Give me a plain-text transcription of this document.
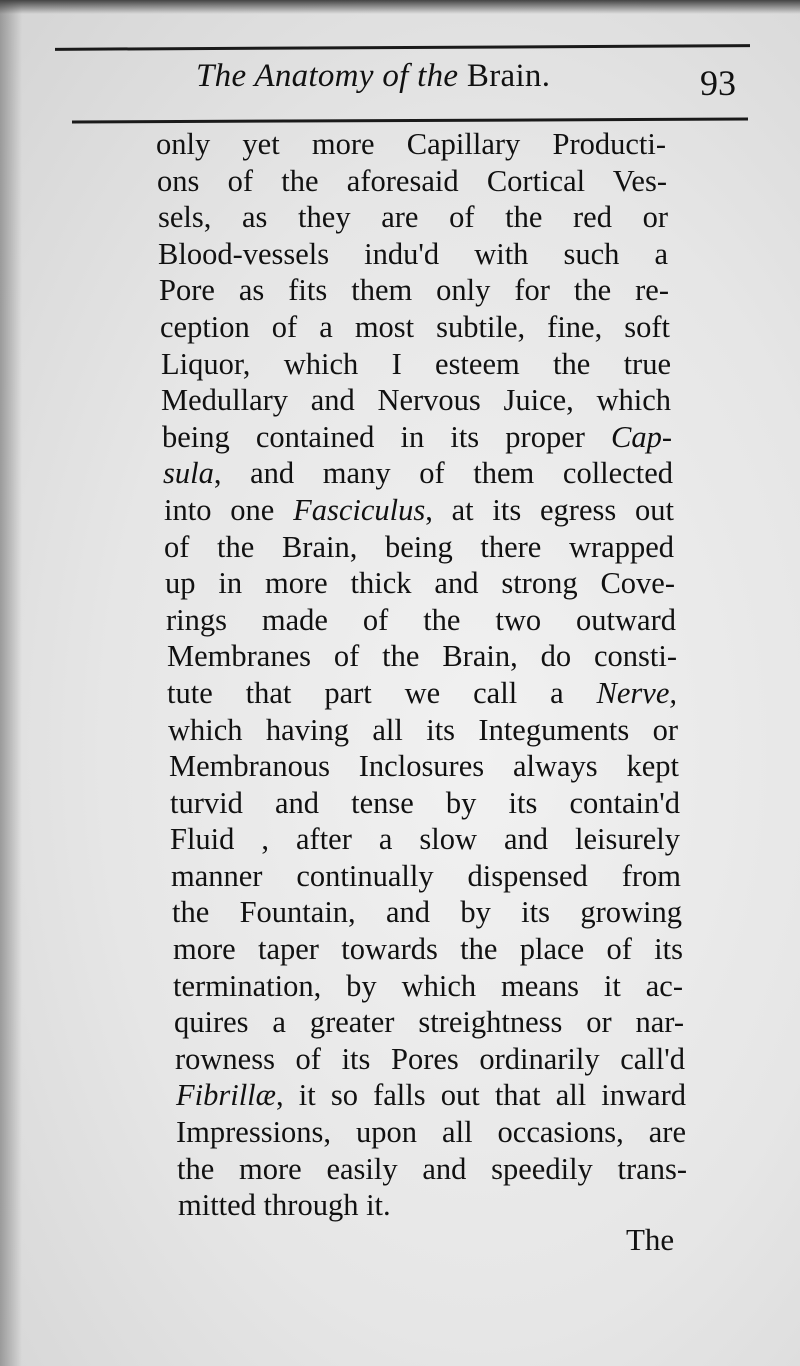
The Anatomy of the Brain.	93
only yet more Capillary Producti-
ons of the aforesaid Cortical Ves-
sels, as they are of the red or
Blood-vessels indu'd with such a
Pore as fits them only for the re-
ception of a most subtile, fine, soft
Liquor, which I esteem the true
Medullary and Nervous Juice, which
being contained in its proper Cap-
sula, and many of them collected
into one Fasciculus, at its egress out
of the Brain, being there wrapped
up in more thick and strong Cove-
rings made of the two outward
Membranes of the Brain, do consti-
tute that part we call a Nerve,
which having all its Integuments or
Membranous Inclosures always kept
turvid and tense by its contain'd
Fluid , after a slow and leisurely
manner continually dispensed from
the Fountain, and by its growing
more taper towards the place of its
termination, by which means it ac-
quires a greater streightness or nar-
rowness of its Pores ordinarily call'd
Fibrillæ, it so falls out that all inward
Impressions, upon all occasions, are
the more easily and speedily trans-
mitted through it.
The
